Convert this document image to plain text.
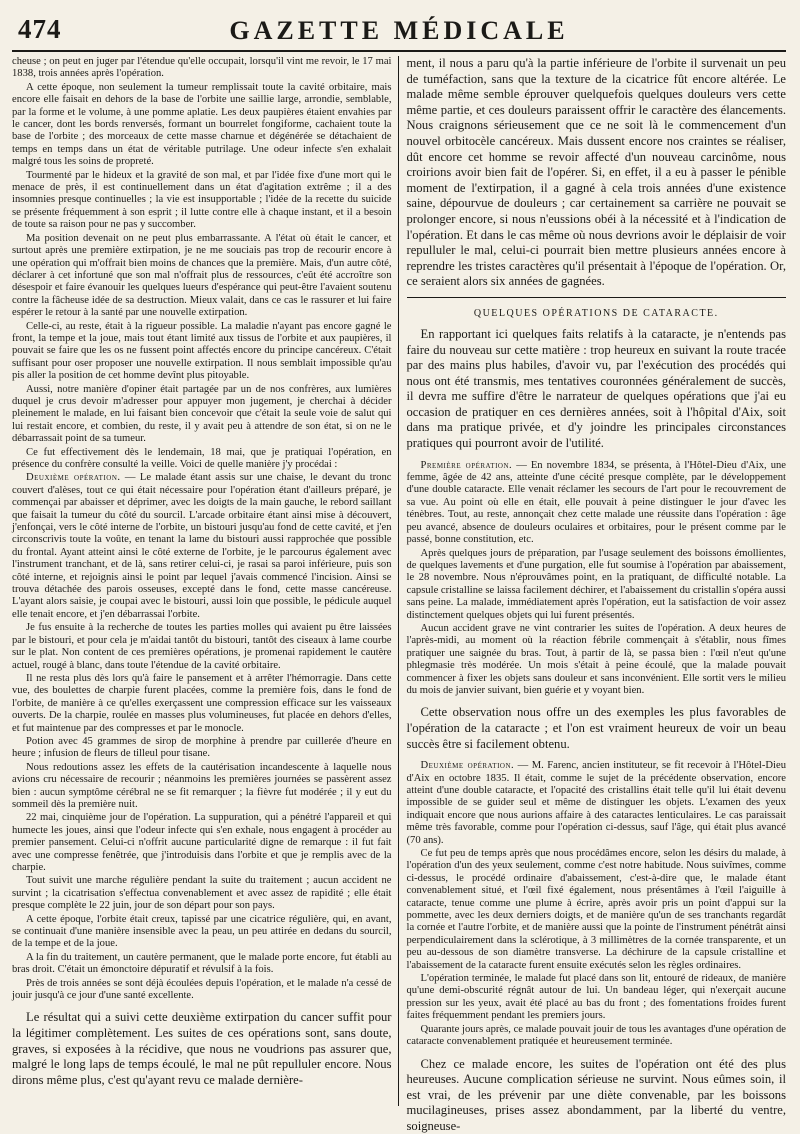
474	GAZETTE MÉDICALE

cheuse ; on peut en juger par l'étendue qu'elle occupait, lorsqu'il vint me revoir, le 17 mai 1838, trois années après l'opération.

A cette époque, non seulement la tumeur remplissait toute la cavité orbitaire, mais encore elle faisait en dehors de la base de l'orbite une saillie large, arrondie, semblable, par la forme et le volume, à une pomme aplatie. Les deux paupières étaient envahies par le cancer, dont les bords renversés, formant un bourrelet fongiforme, cachaient toute la base de l'orbite ; des morceaux de cette masse charnue et dégénérée se détachaient de temps en temps dans un état de véritable putrilage. Une odeur infecte s'en exhalait malgré tous les soins de propreté.

Tourmenté par le hideux et la gravité de son mal, et par l'idée fixe d'une mort qui le menace de près, il est continuellement dans un état d'agitation extrême ; il a des insomnies presque continuelles ; la vie est insupportable ; l'idée de la recette du suicide se présente fréquemment à son esprit ; il lutte contre elle à chaque instant, et il a besoin de toute sa raison pour ne pas y succomber.

Ma position devenait on ne peut plus embarrassante. A l'état où était le cancer, et surtout après une première extirpation, je ne me souciais pas trop de recourir encore à une opération qui m'offrait bien moins de chances que la première. Mais, d'un autre côté, déclarer à cet infortuné que son mal n'offrait plus de ressources, c'eût été accroître son désespoir et faire évanouir les quelques lueurs d'espérance qui peut-être l'avaient soutenu contre la fâcheuse idée de sa destruction. Mieux valait, dans ce cas le rassurer et lui faire espérer le retour à la santé par une nouvelle extirpation.

Celle-ci, au reste, était à la rigueur possible. La maladie n'ayant pas encore gagné le front, la tempe et la joue, mais tout étant limité aux tissus de l'orbite et aux paupières, il pouvait se faire que les os ne fussent point affectés encore du principe cancéreux. C'était suffisant pour oser proposer une nouvelle extirpation. Il nous semblait impossible qu'au pis aller la position de cet homme devînt plus pitoyable.

Aussi, notre manière d'opiner était partagée par un de nos confrères, aux lumières duquel je crus devoir m'adresser pour appuyer mon jugement, je cherchai à décider pleinement le malade, en lui faisant bien concevoir que c'était la seule voie de salut qui lui restait encore, et combien, du reste, il y avait peu à attendre de son état, si on ne le débarrassait point de sa tumeur.

Ce fut effectivement dès le lendemain, 18 mai, que je pratiquai l'opération, en présence du confrère consulté la veille. Voici de quelle manière j'y procédai :

Deuxième opération. — Le malade étant assis sur une chaise, le devant du tronc couvert d'alèses, tout ce qui était nécessaire pour l'opération étant d'ailleurs préparé, je commençai par abaisser et déprimer, avec les doigts de la main gauche, le rebord saillant que faisait la tumeur du côté du sourcil. L'arcade orbitaire étant ainsi mise à découvert, j'enfonçai, vers le côté interne de l'orbite, un bistouri jusqu'au fond de cette cavité, et j'en circonscrivis toute la voûte, en tenant la lame du bistouri aussi rapprochée que possible du frontal. Ayant atteint ainsi le côté externe de l'orbite, je le parcourus également avec l'instrument tranchant, et de là, sans retirer celui-ci, je rasai sa paroi inférieure, puis son côté interne, et rejoignis ainsi le point par lequel j'avais commencé l'incision. Ainsi se trouva détachée des parois osseuses, excepté dans le fond, cette masse cancéreuse. L'ayant alors saisie, je coupai avec le bistouri, aussi loin que possible, le pédicule auquel elle tenait encore, et j'en débarrassai l'orbite.

Je fus ensuite à la recherche de toutes les parties molles qui avaient pu être laissées par le bistouri, et pour cela je m'aidai tantôt du bistouri, tantôt des ciseaux à lame courbe sur le plat. Non content de ces premières opérations, je promenai rapidement le cautère actuel, rougé à blanc, dans toute l'étendue de la cavité orbitaire.

Il ne resta plus dès lors qu'à faire le pansement et à arrêter l'hémorragie. Dans cette vue, des boulettes de charpie furent placées, comme la première fois, dans le fond de l'orbite, de manière à ce qu'elles exerçassent une compression efficace sur les vaisseaux ouverts. De la charpie, roulée en masses plus volumineuses, fut placée en dehors d'elles, et fut maintenue par des compresses et par le monocle.

Potion avec 45 grammes de sirop de morphine à prendre par cuillerée d'heure en heure ; infusion de fleurs de tilleul pour tisane.

Nous redoutions assez les effets de la cautérisation incandescente à laquelle nous avions cru nécessaire de recourir ; néanmoins les premières journées se passèrent assez bien : aucun symptôme cérébral ne se fit remarquer ; la fièvre fut modérée ; il y eut du sommeil dès la première nuit.

22 mai, cinquième jour de l'opération. La suppuration, qui a pénétré l'appareil et qui humecte les joues, ainsi que l'odeur infecte qui s'en exhale, nous engagent à procéder au premier pansement. Celui-ci n'offrit aucune particularité digne de remarque : il fut fait avec une compresse fenêtrée, que j'introduisis dans l'orbite et que je remplis avec de la charpie.

Tout suivit une marche régulière pendant la suite du traitement ; aucun accident ne survint ; la cicatrisation s'effectua convenablement et avec assez de rapidité ; elle était presque complète le 22 juin, jour de son départ pour son pays.

A cette époque, l'orbite était creux, tapissé par une cicatrice régulière, qui, en avant, se continuait d'une manière insensible avec la peau, un peu attirée en dedans du sourcil, de la tempe et de la joue.

A la fin du traitement, un cautère permanent, que le malade porte encore, fut établi au bras droit. C'était un émonctoire dépuratif et révulsif à la fois.

Près de trois années se sont déjà écoulées depuis l'opération, et le malade n'a cessé de jouir jusqu'à ce jour d'une santé excellente.

Le résultat qui a suivi cette deuxième extirpation du cancer suffit pour la légitimer complètement. Les suites de ces opérations sont, sans doute, graves, si exposées à la récidive, que nous ne voudrions pas assurer que, malgré le long laps de temps écoulé, le mal ne pût repulluler encore. Nous dirons même plus, c'est qu'ayant revu ce malade dernière-

ment, il nous a paru qu'à la partie inférieure de l'orbite il survenait un peu de tuméfaction, sans que la texture de la cicatrice fût encore altérée. Le malade même semble éprouver quelquefois quelques douleurs vers cette même partie, et ces douleurs paraissent offrir le caractère des élancements. Nous craignons sérieusement que ce ne soit là le commencement d'un nouvel orbitocèle cancéreux. Mais dussent encore nos craintes se réaliser, dût encore cet homme se revoir affecté d'un nouveau carcinôme, nous croirions avoir bien fait de l'opérer. Si, en effet, il a eu à passer le pénible moment de l'extirpation, il a gagné à cela trois années d'une existence saine, dépourvue de douleurs ; car certainement sa carrière ne pouvait se prolonger encore, si nous n'eussions obéi à la nécessité et à l'indication de l'opération. Et dans le cas même où nous devrions avoir le déplaisir de voir repulluler le mal, celui-ci pourrait bien mettre plusieurs années encore à reprendre les tristes caractères qu'il présentait à l'époque de l'opération. Or, ce seraient alors six années de gagnées.

QUELQUES OPÉRATIONS DE CATARACTE.

En rapportant ici quelques faits relatifs à la cataracte, je n'entends pas faire du nouveau sur cette matière : trop heureux en suivant la route tracée par des mains plus habiles, d'avoir vu, par l'exécution des procédés qui nous ont été transmis, mes tentatives couronnées généralement de succès, il devra me suffire d'être le narrateur de quelques opérations que j'ai eu occasion de pratiquer en ces dernières années, soit à l'hôpital d'Aix, soit dans ma pratique privée, et d'y joindre les principales circonstances pratiques qui pourront avoir de l'utilité.

Première opération. — En novembre 1834, se présenta, à l'Hôtel-Dieu d'Aix, une femme, âgée de 42 ans, atteinte d'une cécité presque complète, par le développement d'une double cataracte. Elle venait réclamer les secours de l'art pour le recouvrement de sa vue. Au point où elle en était, elle pouvait à peine distinguer le jour d'avec les ténèbres. Tout, au reste, annonçait chez cette malade une réussite dans l'opération : âge peu avancé, absence de douleurs oculaires et orbitaires, pour le présent comme par le passé, bonne constitution, etc.

Après quelques jours de préparation, par l'usage seulement des boissons émollientes, de quelques lavements et d'une purgation, elle fut soumise à l'opération par abaissement, le 28 novembre. Nous n'éprouvâmes point, en la pratiquant, de difficulté notable. La capsule cristalline se laissa facilement déchirer, et l'abaissement du cristallin s'opéra aussi sans peine. La malade, immédiatement après l'opération, eut la satisfaction de voir assez distinctement quelques objets qui lui furent présentés.

Aucun accident grave ne vint contrarier les suites de l'opération. A deux heures de l'après-midi, au moment où la réaction fébrile commençait à s'établir, nous fîmes pratiquer une saignée du bras. Tout, à partir de là, se passa bien : l'œil n'eut qu'une phlegmasie très modérée. Un mois s'était à peine écoulé, que la malade pouvait commencer à fixer les objets sans douleur et sans inconvénient. Elle sortit vers le milieu du mois de janvier suivant, bien guérie et y voyant bien.

Cette observation nous offre un des exemples les plus favorables de l'opération de la cataracte ; et l'on est vraiment heureux de voir un beau succès être si facilement obtenu.

Deuxième opération. — M. Farenc, ancien instituteur, se fit recevoir à l'Hôtel-Dieu d'Aix en octobre 1835. Il était, comme le sujet de la précédente observation, encore atteint d'une double cataracte, et l'opacité des cristallins était telle qu'il lui était devenu impossible de se guider seul et même de distinguer les objets. L'examen des yeux indiquait encore que nous aurions affaire à des cataractes lenticulaires. Le cas paraissait même très favorable, comme pour l'opération ci-dessus, sauf l'âge, qui était plus avancé (70 ans).

Ce fut peu de temps après que nous procédâmes encore, selon les désirs du malade, à l'opération d'un des yeux seulement, comme c'est notre habitude. Nous suivîmes, comme ci-dessus, le procédé ordinaire d'abaissement, c'est-à-dire que, le malade étant convenablement situé, et l'œil fixé également, nous présentâmes à l'œil l'aiguille à cataracte, tenue comme une plume à écrire, après avoir pris un point d'appui sur la pommette, avec les deux derniers doigts, et de manière qu'un de ses tranchants regardât la cornée et l'autre l'orbite, et de manière aussi que la pointe de l'instrument pénétrât ainsi perpendiculairement dans la sclérotique, à 3 millimètres de la cornée transparente, et un peu au-dessous de son diamètre transverse. La déchirure de la capsule cristalline et l'abaissement de la cataracte furent ensuite exécutés selon les règles ordinaires.

L'opération terminée, le malade fut placé dans son lit, entouré de rideaux, de manière qu'une demi-obscurité régnât autour de lui. Un bandeau léger, qui n'exerçait aucune pression sur les yeux, avait été placé au bas du front ; des fomentations froides furent faites fréquemment pendant les premiers jours.

Quarante jours après, ce malade pouvait jouir de tous les avantages d'une opération de cataracte convenablement pratiquée et heureusement terminée.

Chez ce malade encore, les suites de l'opération ont été des plus heureuses. Aucune complication sérieuse ne survint. Nous eûmes soin, il est vrai, de les prévenir par une diète convenable, par les boissons mucilagineuses, prises assez abondamment, par la liberté du ventre, soigneuse-
